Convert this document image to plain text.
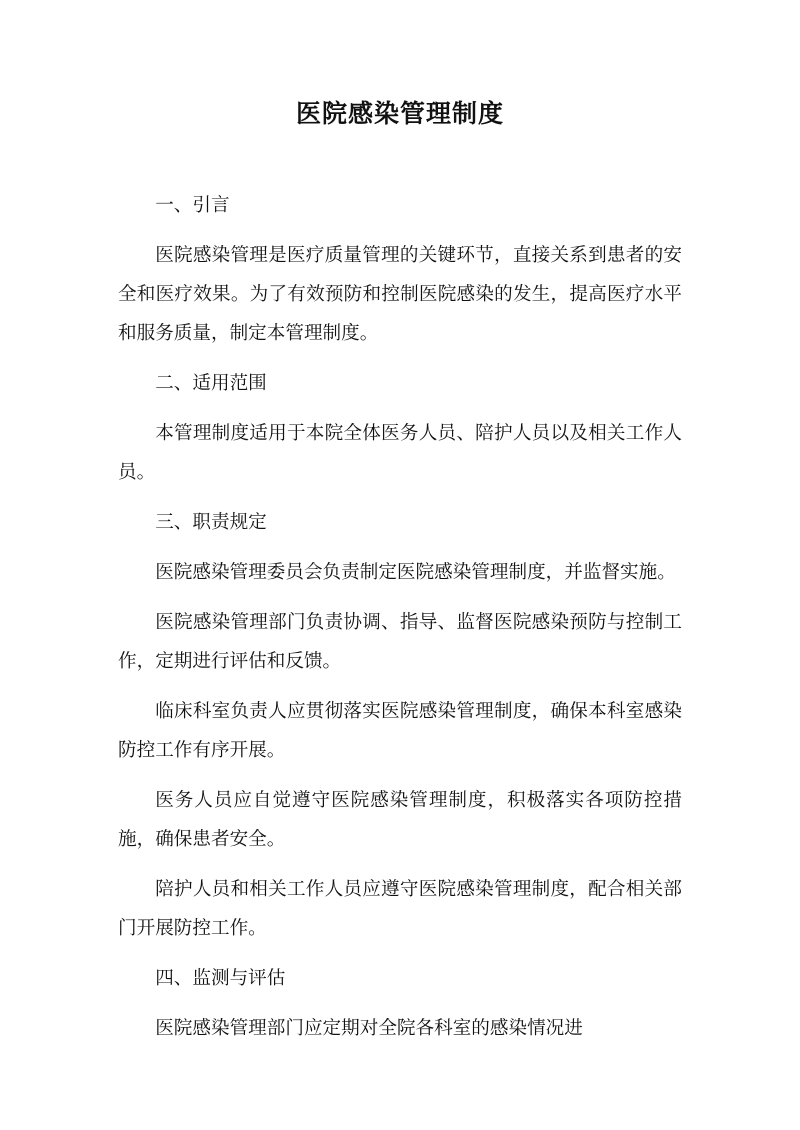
医院感染管理制度

一、引言

医院感染管理是医疗质量管理的关键环节，直接关系到患者的安全和医疗效果。为了有效预防和控制医院感染的发生，提高医疗水平和服务质量，制定本管理制度。

二、适用范围

本管理制度适用于本院全体医务人员、陪护人员以及相关工作人员。

三、职责规定

医院感染管理委员会负责制定医院感染管理制度，并监督实施。

医院感染管理部门负责协调、指导、监督医院感染预防与控制工作，定期进行评估和反馈。

临床科室负责人应贯彻落实医院感染管理制度，确保本科室感染防控工作有序开展。

医务人员应自觉遵守医院感染管理制度，积极落实各项防控措施，确保患者安全。

陪护人员和相关工作人员应遵守医院感染管理制度，配合相关部门开展防控工作。

四、监测与评估

医院感染管理部门应定期对全院各科室的感染情况进
